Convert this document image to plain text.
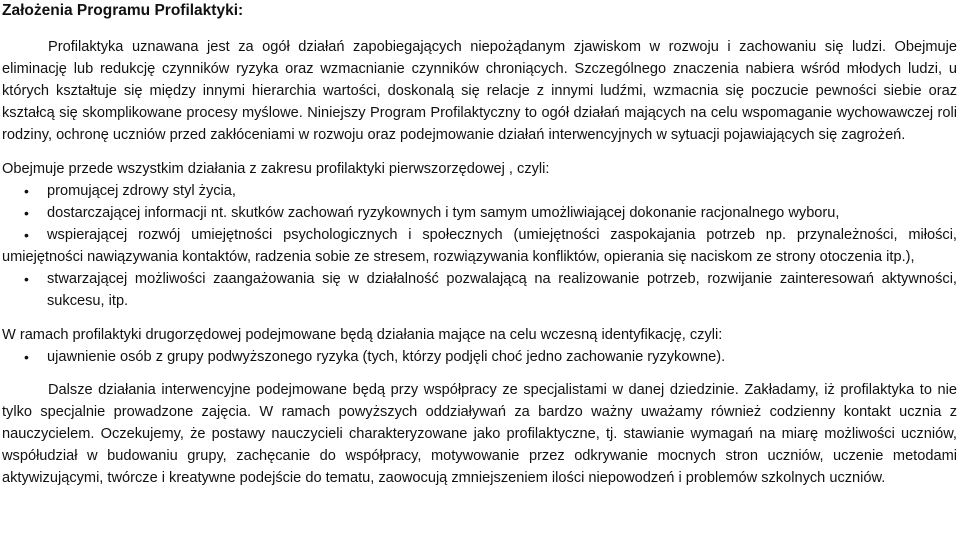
Założenia Programu Profilaktyki:

Profilaktyka uznawana jest za ogół działań zapobiegających niepożądanym zjawiskom w rozwoju i zachowaniu się ludzi. Obejmuje eliminację lub redukcję czynników ryzyka oraz wzmacnianie czynników chroniących. Szczególnego znaczenia nabiera wśród młodych ludzi, u których kształtuje się między innymi hierarchia wartości, doskonalą się relacje z innymi ludźmi, wzmacnia się poczucie pewności siebie oraz kształcą się skomplikowane procesy myślowe. Niniejszy Program Profilaktyczny to ogół działań mających na celu wspomaganie wychowawczej roli rodziny, ochronę uczniów przed zakłóceniami w rozwoju oraz podejmowanie działań interwencyjnych w sytuacji pojawiających się zagrożeń.

Obejmuje przede wszystkim działania z zakresu profilaktyki pierwszorzędowej , czyli:

• promującej zdrowy styl życia,
• dostarczającej informacji nt. skutków zachowań ryzykownych i tym samym umożliwiającej dokonanie racjonalnego wyboru,
• wspierającej rozwój umiejętności psychologicznych i społecznych (umiejętności zaspokajania potrzeb np. przynależności, miłości, umiejętności nawiązywania kontaktów, radzenia sobie ze stresem, rozwiązywania konfliktów, opierania się naciskom ze strony otoczenia itp.),
• stwarzającej możliwości zaangażowania się w działalność pozwalającą na realizowanie potrzeb, rozwijanie zainteresowań aktywności, sukcesu, itp.

W ramach profilaktyki drugorzędowej podejmowane będą działania mające na celu wczesną identyfikację, czyli:

• ujawnienie osób z grupy podwyższonego ryzyka (tych, którzy podjęli choć jedno zachowanie ryzykowne).

Dalsze działania interwencyjne podejmowane będą przy współpracy ze specjalistami w danej dziedzinie. Zakładamy, iż profilaktyka to nie tylko specjalnie prowadzone zajęcia. W ramach powyższych oddziaływań za bardzo ważny uważamy również codzienny kontakt ucznia z nauczycielem. Oczekujemy, że postawy nauczycieli charakteryzowane jako profilaktyczne, tj. stawianie wymagań na miarę możliwości uczniów, współudział w budowaniu grupy, zachęcanie do współpracy, motywowanie przez odkrywanie mocnych stron uczniów, uczenie metodami aktywizującymi, twórcze i kreatywne podejście do tematu, zaowocują zmniejszeniem ilości niepowodzeń i problemów szkolnych uczniów.
